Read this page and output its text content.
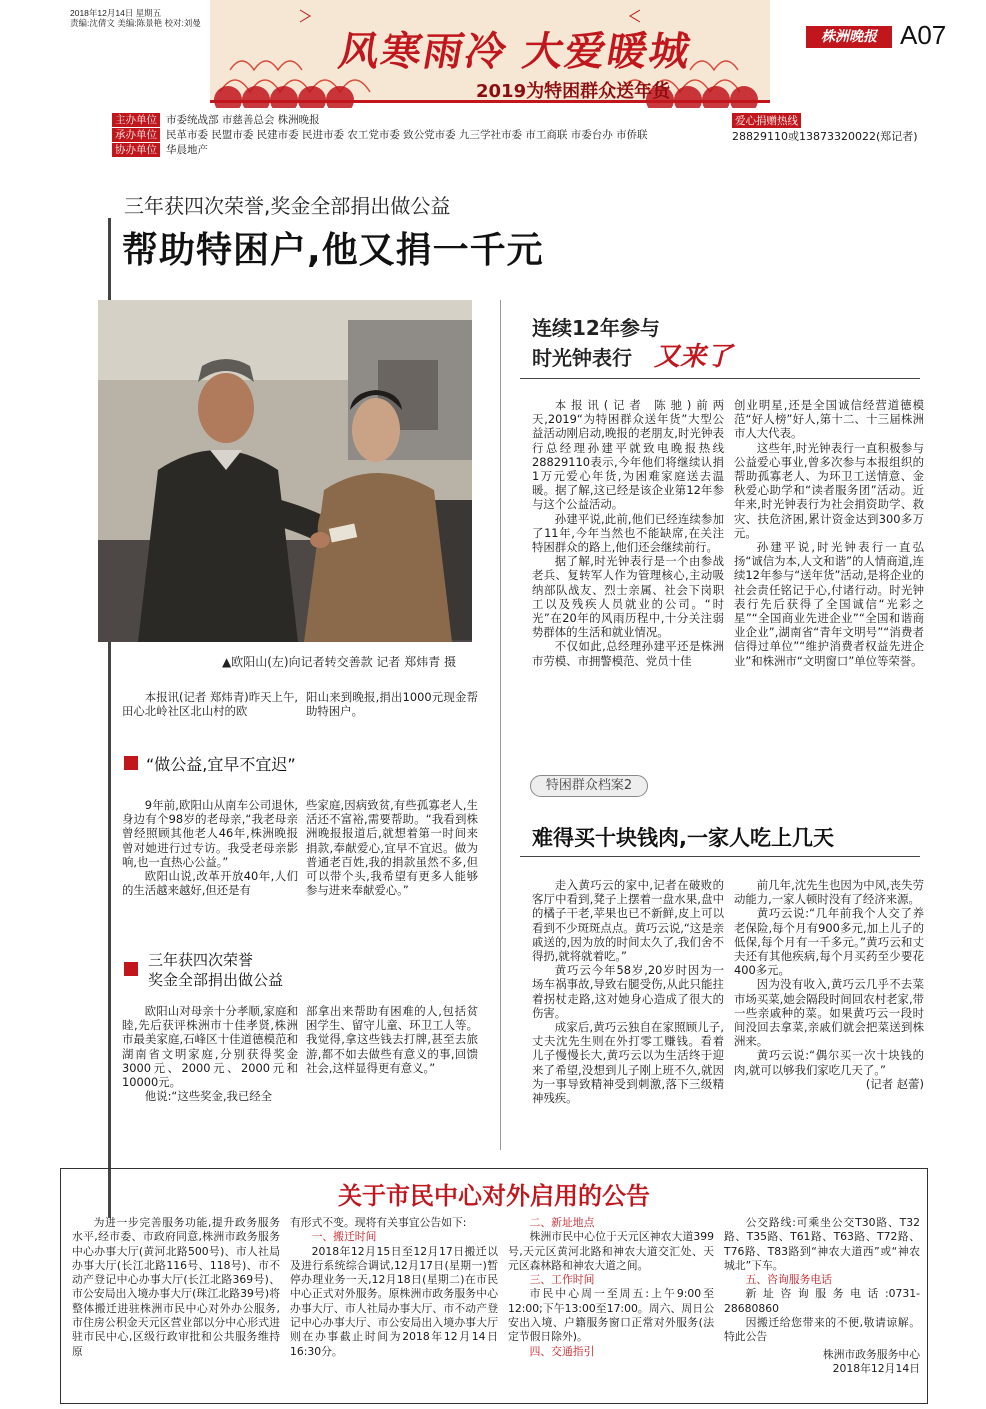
2018年12月14日 星期五
责编:沈倩文 美编:陈景艳 校对:刘曼
风寒雨冷 大爱暖城
2019为特困群众送年货
株洲晚报 A07
主办单位 市委统战部 市慈善总会 株洲晚报
承办单位 民革市委 民盟市委 民建市委 民进市委 农工党市委 致公党市委 九三学社市委 市工商联 市委台办 市侨联
协办单位 华晨地产
爱心捐赠热线
28829110或13873320022(郑记者)
三年获四次荣誉,奖金全部捐出做公益
帮助特困户,他又捐一千元
▲欧阳山(左)向记者转交善款 记者 郑炜青 摄

本报讯(记者 郑炜青)昨天上午,田心北岭社区北山村的欧

阳山来到晚报,捐出1000元现金帮助特困户。
“做公益,宜早不宜迟”

9年前,欧阳山从南车公司退休,身边有个98岁的老母亲,“我老母亲曾经照顾其他老人46年,株洲晚报曾对她进行过专访。我受老母亲影响,也一直热心公益。”

欧阳山说,改革开放40年,人们的生活越来越好,但还是有

些家庭,因病致贫,有些孤寡老人,生活还不富裕,需要帮助。“我看到株洲晚报报道后,就想着第一时间来捐款,奉献爱心,宜早不宜迟。做为普通老百姓,我的捐款虽然不多,但可以带个头,我希望有更多人能够参与进来奉献爱心。”
三年获四次荣誉
奖金全部捐出做公益

欧阳山对母亲十分孝顺,家庭和睦,先后获评株洲市十佳孝贤,株洲市最美家庭,石峰区十佳道德模范和湖南省文明家庭,分别获得奖金3000元、2000元、2000元和10000元。

他说:“这些奖金,我已经全

部拿出来帮助有困难的人,包括贫困学生、留守儿童、环卫工人等。我觉得,拿这些钱去打牌,甚至去旅游,都不如去做些有意义的事,回馈社会,这样显得更有意义。”
连续12年参与
时光钟表行 又来了

本报讯(记者 陈驰)前两天,2019“为特困群众送年货”大型公益活动刚启动,晚报的老朋友,时光钟表行总经理孙建平就致电晚报热线28829110表示,今年他们将继续认捐1万元爱心年货,为困难家庭送去温暖。据了解,这已经是该企业第12年参与这个公益活动。

孙建平说,此前,他们已经连续参加了11年,今年当然也不能缺席,在关注特困群众的路上,他们还会继续前行。

据了解,时光钟表行是一个由参战老兵、复转军人作为管理核心,主动吸纳部队战友、烈士亲属、社会下岗职工以及残疾人员就业的公司。“时光”在20年的风雨历程中,十分关注弱势群体的生活和就业情况。

不仅如此,总经理孙建平还是株洲市劳模、市拥警模范、党员十佳

创业明星,还是全国诚信经营道德模范“好人榜”好人,第十二、十三届株洲市人大代表。

这些年,时光钟表行一直积极参与公益爱心事业,曾多次参与本报组织的帮助孤寡老人、为环卫工送情意、金秋爱心助学和“读者服务团”活动。近年来,时光钟表行为社会捐资助学、救灾、扶危济困,累计资金达到300多万元。

孙建平说,时光钟表行一直弘扬“诚信为本,人文和谐”的人情商道,连续12年参与“送年货”活动,是将企业的社会责任铭记于心,付诸行动。时光钟表行先后获得了全国诚信“光彩之星”“全国商业先进企业”“全国和谐商业企业”,湖南省“青年文明号”“消费者信得过单位”“维护消费者权益先进企业”和株洲市“文明窗口”单位等荣誉。

特困群众档案2
难得买十块钱肉,一家人吃上几天

走入黄巧云的家中,记者在破败的客厅中看到,凳子上摆着一盘水果,盘中的橘子干老,苹果也已不新鲜,皮上可以看到不少斑斑点点。黄巧云说,“这是亲戚送的,因为放的时间太久了,我们舍不得扔,就将就着吃。”

黄巧云今年58岁,20岁时因为一场车祸事故,导致右腿受伤,从此只能拄着拐杖走路,这对她身心造成了很大的伤害。

成家后,黄巧云独自在家照顾儿子,丈夫沈先生则在外打零工赚钱。看着儿子慢慢长大,黄巧云以为生活终于迎来了希望,没想到儿子刚上班不久,就因为一事导致精神受到刺激,落下三级精神残疾。

前几年,沈先生也因为中风,丧失劳动能力,一家人顿时没有了经济来源。

黄巧云说:“几年前我个人交了养老保险,每个月有900多元,加上儿子的低保,每个月有一千多元。”黄巧云和丈夫还有其他疾病,每个月买药至少要花400多元。

因为没有收入,黄巧云几乎不去菜市场买菜,她会隔段时间回农村老家,带一些亲戚种的菜。如果黄巧云一段时间没回去拿菜,亲戚们就会把菜送到株洲来。

黄巧云说:“偶尔买一次十块钱的肉,就可以够我们家吃几天了。”

(记者 赵蕾)
关于市民中心对外启用的公告

为进一步完善服务功能,提升政务服务水平,经市委、市政府同意,株洲市政务服务中心办事大厅(黄河北路500号)、市人社局办事大厅(长江北路116号、118号)、市不动产登记中心办事大厅(长江北路369号)、市公安局出入境办事大厅(珠江北路39号)将整体搬迁进驻株洲市民中心对外办公服务,市住房公积金天元区营业部以分中心形式进驻市民中心,区级行政审批和公共服务维持原

有形式不变。现将有关事宜公告如下:

一、搬迁时间

2018年12月15日至12月17日搬迁以及进行系统综合调试,12月17日(星期一)暂停办理业务一天,12月18日(星期二)在市民中心正式对外服务。原株洲市政务服务中心办事大厅、市人社局办事大厅、市不动产登记中心办事大厅、市公安局出入境办事大厅则在办事截止时间为2018年12月14日16:30分。

二、新址地点

株洲市民中心位于天元区神农大道399号,天元区黄河北路和神农大道交汇处、天元区森林路和神农大道之间。

三、工作时间

市民中心周一至周五:上午9:00至12:00;下午13:00至17:00。周六、周日公安出入境、户籍服务窗口正常对外服务(法定节假日除外)。

四、交通指引

公交路线:可乘坐公交T30路、T32路、T35路、T61路、T63路、T72路、T76路、T83路到“神农大道西”或“神农城北”下车。

五、咨询服务电话

新址咨询服务电话:0731-28680860

因搬迁给您带来的不便,敬请谅解。特此公告

株洲市政务服务中心
2018年12月14日
